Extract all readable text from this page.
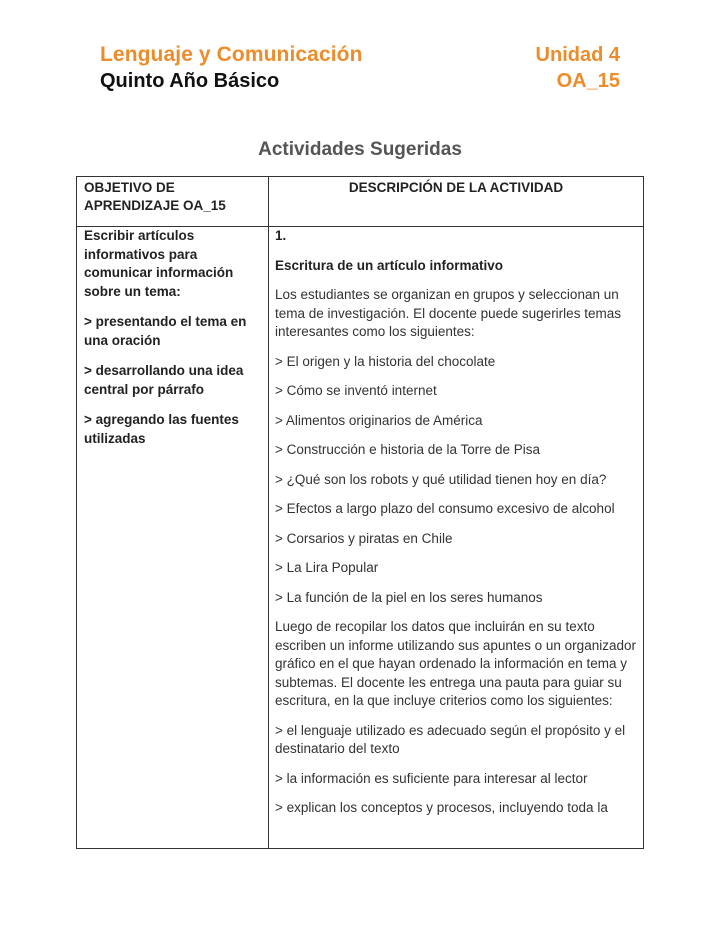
Lenguaje y Comunicación
Quinto Año Básico
Unidad 4
OA_15
Actividades Sugeridas
OBJETIVO DE APRENDIZAJE OA_15
DESCRIPCIÓN DE LA ACTIVIDAD

Escribir artículos informativos para comunicar información sobre un tema:

> presentando el tema en una oración

> desarrollando una idea central por párrafo

> agregando las fuentes utilizadas

1.

Escritura de un artículo informativo

Los estudiantes se organizan en grupos y seleccionan un tema de investigación. El docente puede sugerirles temas interesantes como los siguientes:

> El origen y la historia del chocolate

> Cómo se inventó internet

> Alimentos originarios de América

> Construcción e historia de la Torre de Pisa

> ¿Qué son los robots y qué utilidad tienen hoy en día?

> Efectos a largo plazo del consumo excesivo de alcohol

> Corsarios y piratas en Chile

> La Lira Popular

> La función de la piel en los seres humanos

Luego de recopilar los datos que incluirán en su texto escriben un informe utilizando sus apuntes o un organizador gráfico en el que hayan ordenado la información en tema y subtemas. El docente les entrega una pauta para guiar su escritura, en la que incluye criterios como los siguientes:

> el lenguaje utilizado es adecuado según el propósito y el destinatario del texto

> la información es suficiente para interesar al lector

> explican los conceptos y procesos, incluyendo toda la
